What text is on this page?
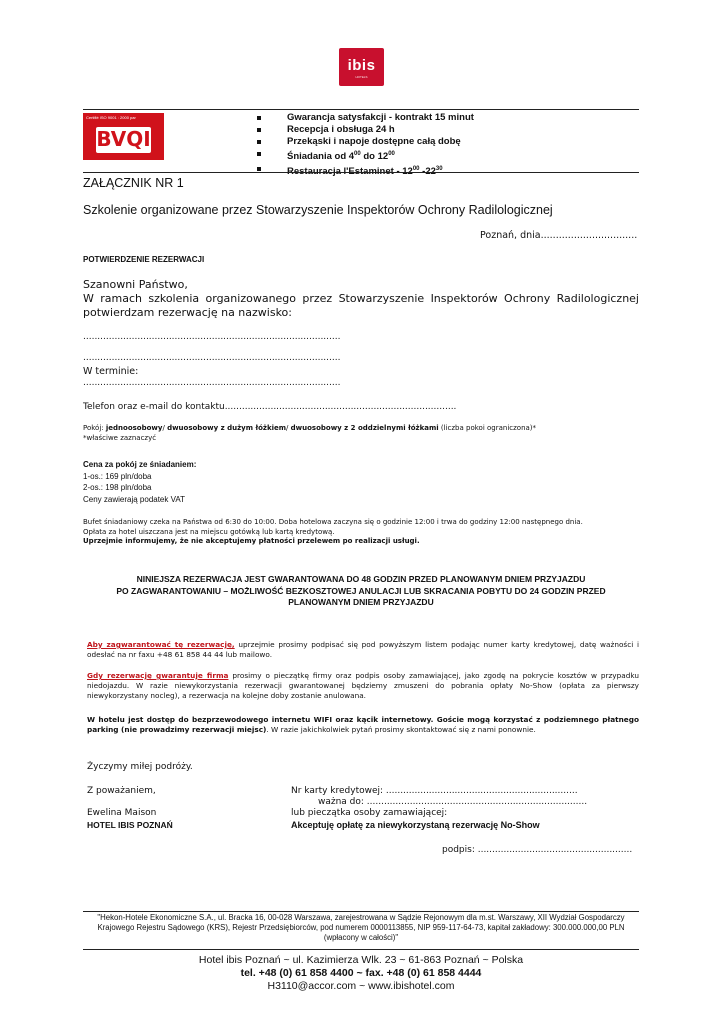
ibis
HOTELS
Certifié ISO 9001 : 2000 par
BVQI
Gwarancja satysfakcji - kontrakt 15 minut
Recepcja i obsługa 24 h
Przekąski i napoje dostępne całą dobę
Śniadania od $4^{00}$ do $12^{00}$
Restauracja l'Estaminet - $12^{00}$ $-22^{30}$
ZAŁĄCZNIK NR 1
Szkolenie organizowane przez Stowarzyszenie Inspektorów Ochrony Radilologicznej
Poznań, dnia................................
POTWIERDZENIE REZERWACJI
Szanowni Państwo,
W ramach szkolenia organizowanego przez Stowarzyszenie Inspektorów Ochrony Radilologicznej potwierdzam rezerwację na nazwisko:
..........................................................................................
..........................................................................................
W terminie:
..........................................................................................
Telefon oraz e-mail do kontaktu.................................................................................
Pokój: jednoosobowy/ dwuosobowy z dużym łóżkiem/ dwuosobowy z 2 oddzielnymi łóżkami (liczba pokoi ograniczona)*
*właściwe zaznaczyć
Cena za pokój ze śniadaniem:
1-os.: 169 pln/doba
2-os.: 198 pln/doba
Ceny zawierają podatek VAT
Bufet śniadaniowy czeka na Państwa od 6:30 do 10:00. Doba hotelowa zaczyna się o godzinie 12:00 i trwa do godziny 12:00 następnego dnia.
Opłata za hotel uiszczana jest na miejscu gotówką lub kartą kredytową.
Uprzejmie informujemy, że nie akceptujemy płatności przelewem po realizacji usługi.
NINIEJSZA REZERWACJA JEST GWARANTOWANA DO 48 GODZIN PRZED PLANOWANYM DNIEM PRZYJAZDU
PO ZAGWARANTOWANIU – MOŻLIWOŚĆ BEZKOSZTOWEJ ANULACJI LUB SKRACANIA POBYTU DO 24 GODZIN PRZED
PLANOWANYM DNIEM PRZYJAZDU
Aby zagwarantować tę rezerwację, uprzejmie prosimy podpisać się pod powyższym listem podając numer karty kredytowej, datę ważności i odesłać na nr faxu +48 61 858 44 44 lub mailowo.
Gdy rezerwację gwarantuje firma prosimy o pieczątkę firmy oraz podpis osoby zamawiającej, jako zgodę na pokrycie kosztów w przypadku niedojazdu. W razie niewykorzystania rezerwacji gwarantowanej będziemy zmuszeni do pobrania opłaty No-Show (opłata za pierwszy niewykorzystany nocleg), a rezerwacja na kolejne doby zostanie anulowana.
W hotelu jest dostęp do bezprzewodowego internetu WIFI oraz kącik internetowy. Goście mogą korzystać z podziemnego płatnego parking (nie prowadzimy rezerwacji miejsc). W razie jakichkolwiek pytań prosimy skontaktować się z nami ponownie.
Życzymy miłej podróży.
Z poważaniem,
Ewelina Maison
HOTEL IBIS POZNAŃ
Nr karty kredytowej: ...................................................................
ważna do: .............................................................................
lub pieczątka osoby zamawiającej:
Akceptuję opłatę za niewykorzystaną rezerwację No-Show
podpis: ......................................................
"Hekon-Hotele Ekonomiczne S.A., ul. Bracka 16, 00-028 Warszawa, zarejestrowana w Sądzie Rejonowym dla m.st. Warszawy, XII Wydział Gospodarczy Krajowego Rejestru Sądowego (KRS), Rejestr Przedsiębiorców, pod numerem 0000113855, NIP 959-117-64-73, kapitał zakładowy: 300.000.000,00 PLN (wpłacony w całości)"
Hotel ibis Poznań ~ ul. Kazimierza Wlk. 23 ~ 61-863 Poznań ~ Polska
tel. +48 (0) 61 858 4400 ~ fax. +48 (0) 61 858 4444
H3110@accor.com ~ www.ibishotel.com
